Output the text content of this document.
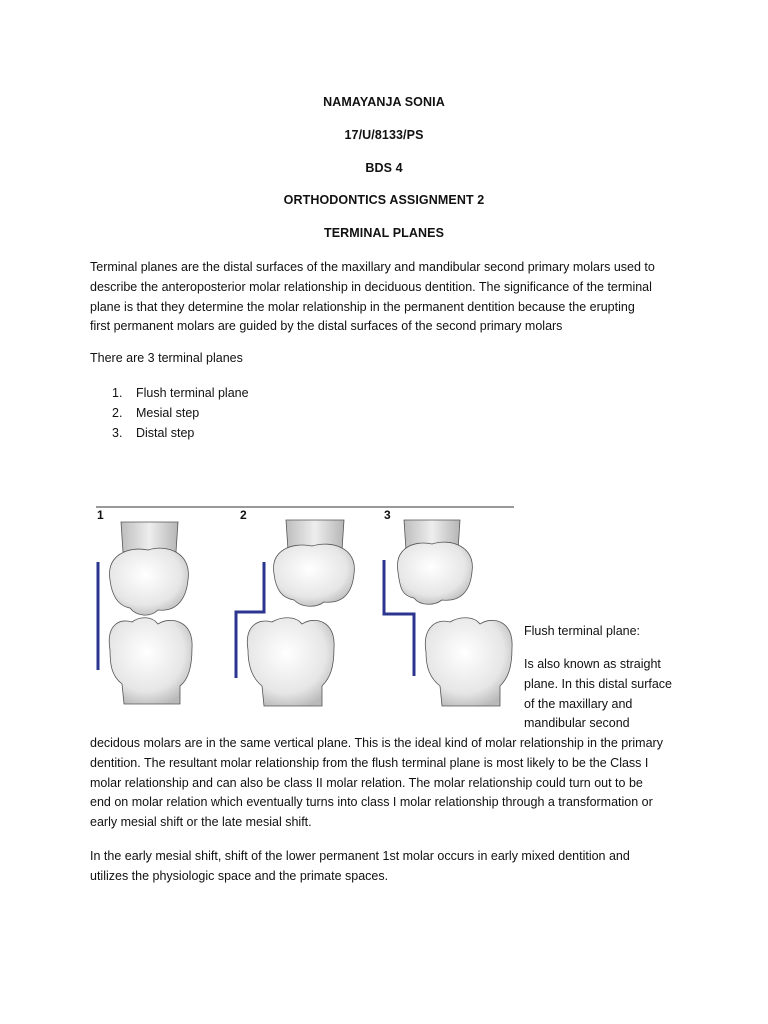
NAMAYANJA SONIA
17/U/8133/PS
BDS 4
ORTHODONTICS ASSIGNMENT 2
TERMINAL PLANES

Terminal planes are the distal surfaces of the maxillary and mandibular second primary molars used to
describe the anteroposterior molar relationship in deciduous dentition. The significance of the terminal
plane is that they determine the molar relationship in the permanent dentition because the erupting
first permanent molars are guided by the distal surfaces of the second primary molars

There are 3 terminal planes

1.	Flush terminal plane
2.	Mesial step
3.	Distal step
1	2	3

Flush terminal plane:

Is also known as straight
plane. In this distal surface
of the maxillary and
mandibular second

decidous molars are in the same vertical plane. This is the ideal kind of molar relationship in the primary
dentition. The resultant molar relationship from the flush terminal plane is most likely to be the Class I
molar relationship and can also be class II molar relation. The molar relationship could turn out to be
end on molar relation which eventually turns into class I molar relationship through a transformation or
early mesial shift or the late mesial shift.

In the early mesial shift, shift of the lower permanent 1st molar occurs in early mixed dentition and
utilizes the physiologic space and the primate spaces.
